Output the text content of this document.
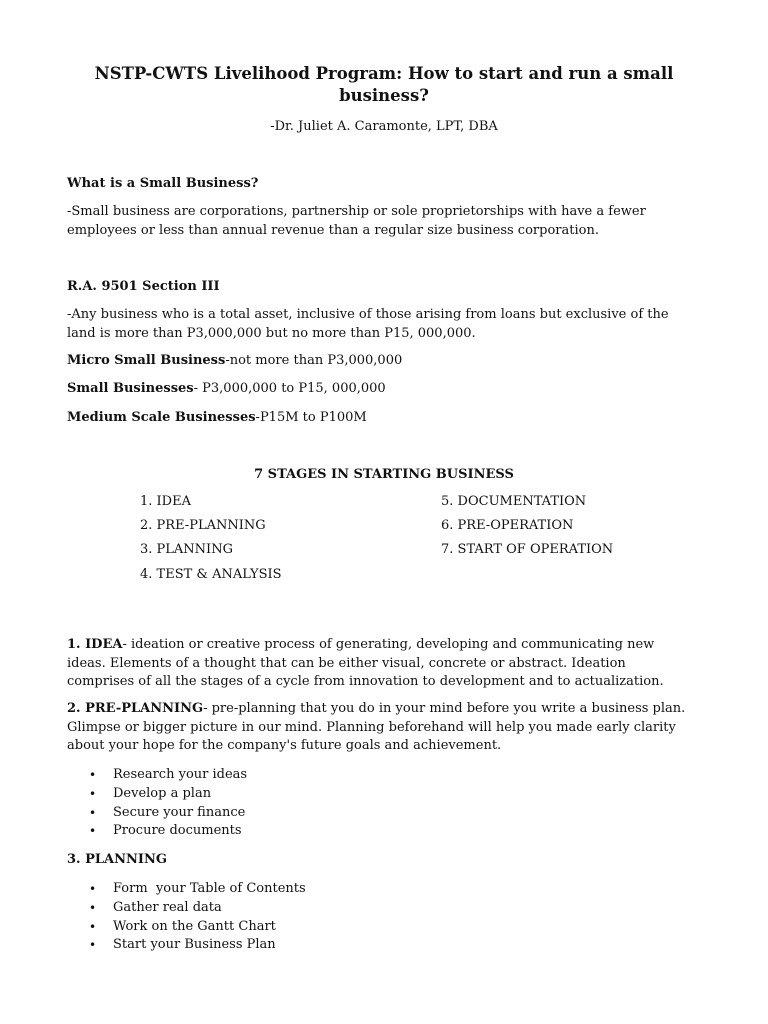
NSTP-CWTS Livelihood Program: How to start and run a small business?
-Dr. Juliet A. Caramonte, LPT, DBA
What is a Small Business?
-Small business are corporations, partnership or sole proprietorships with have a fewer employees or less than annual revenue than a regular size business corporation.
R.A. 9501 Section III
-Any business who is a total asset, inclusive of those arising from loans but exclusive of the land is more than P3,000,000 but no more than P15, 000,000.
Micro Small Business-not more than P3,000,000
Small Businesses- P3,000,000 to P15, 000,000
Medium Scale Businesses-P15M to P100M
7 STAGES IN STARTING BUSINESS
1. IDEA
2. PRE-PLANNING
3. PLANNING
4. TEST & ANALYSIS
5. DOCUMENTATION
6. PRE-OPERATION
7. START OF OPERATION
1. IDEA- ideation or creative process of generating, developing and communicating new ideas. Elements of a thought that can be either visual, concrete or abstract. Ideation comprises of all the stages of a cycle from innovation to development and to actualization.
2. PRE-PLANNING- pre-planning that you do in your mind before you write a business plan. Glimpse or bigger picture in our mind. Planning beforehand will help you made early clarity about your hope for the company's future goals and achievement.
• Research your ideas
• Develop a plan
• Secure your finance
• Procure documents
3. PLANNING
• Form  your Table of Contents
• Gather real data
• Work on the Gantt Chart
• Start your Business Plan
